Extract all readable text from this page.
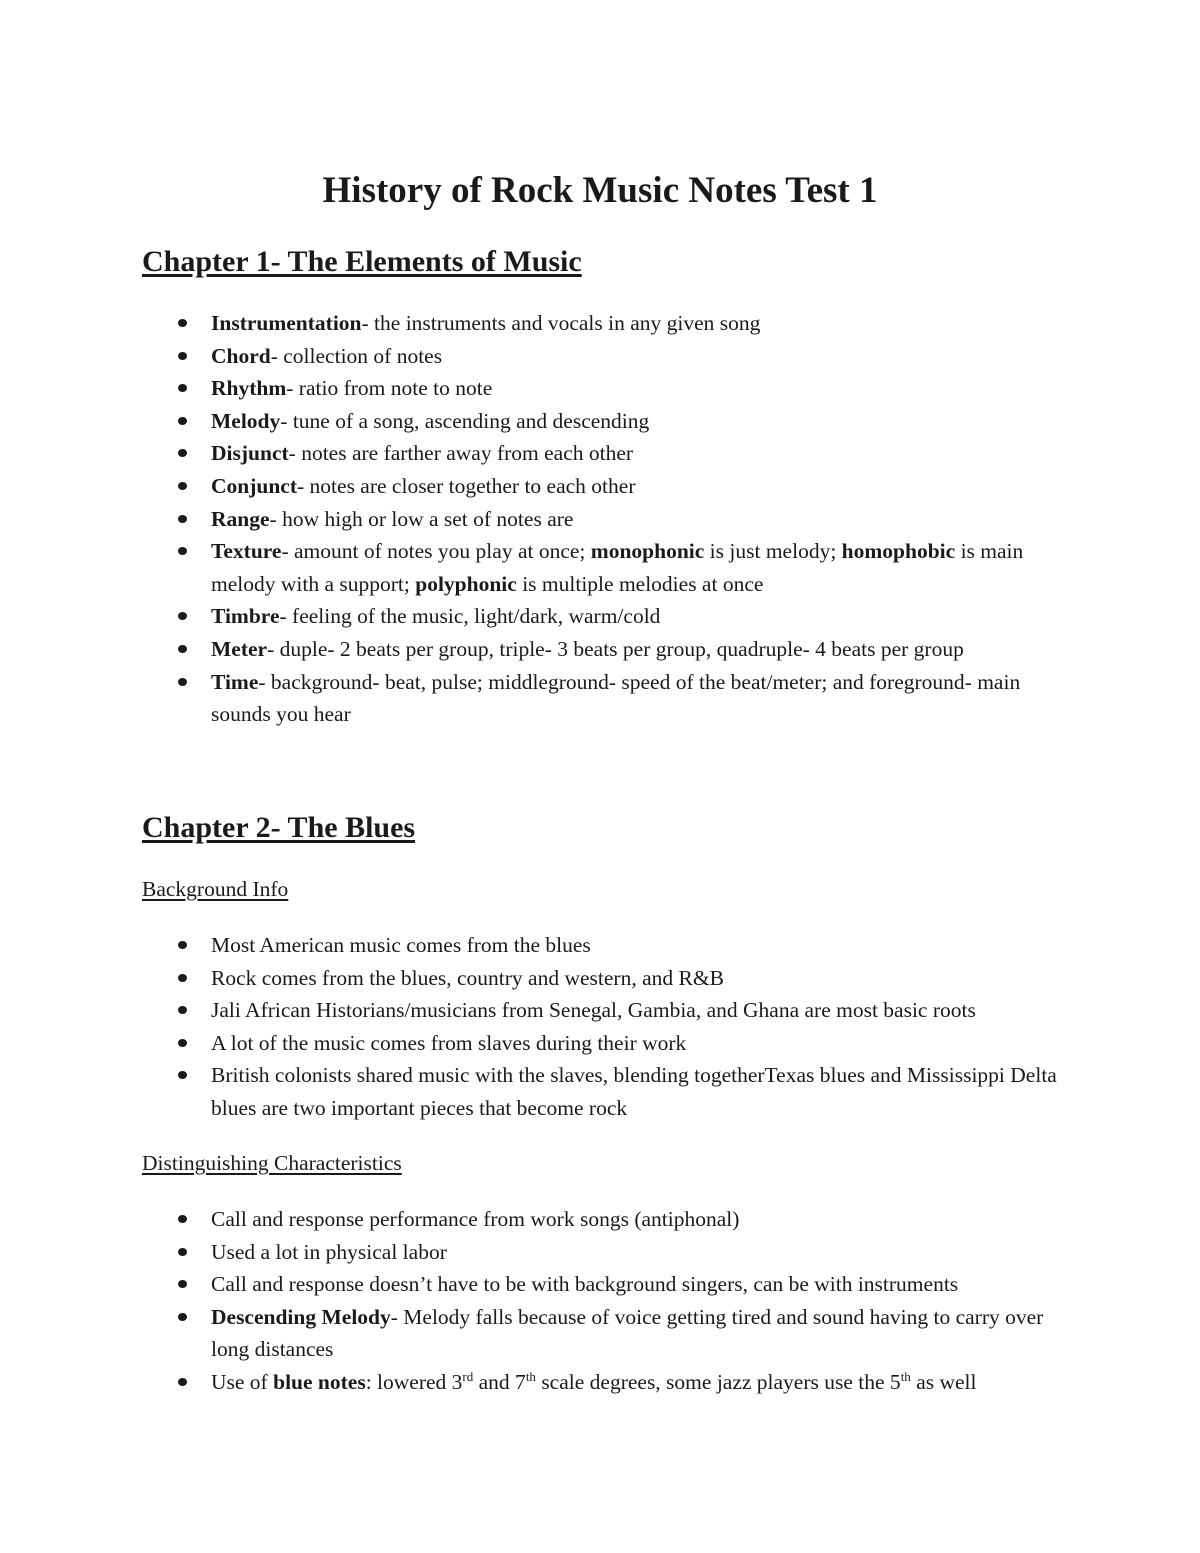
History of Rock Music Notes Test 1
Chapter 1- The Elements of Music
Instrumentation- the instruments and vocals in any given song
Chord- collection of notes
Rhythm- ratio from note to note
Melody- tune of a song, ascending and descending
Disjunct- notes are farther away from each other
Conjunct- notes are closer together to each other
Range- how high or low a set of notes are
Texture- amount of notes you play at once; monophonic is just melody; homophobic is main melody with a support; polyphonic is multiple melodies at once
Timbre- feeling of the music, light/dark, warm/cold
Meter- duple- 2 beats per group, triple- 3 beats per group, quadruple- 4 beats per group
Time- background- beat, pulse; middleground- speed of the beat/meter; and foreground- main sounds you hear
Chapter 2- The Blues
Background Info
Most American music comes from the blues
Rock comes from the blues, country and western, and R&B
Jali African Historians/musicians from Senegal, Gambia, and Ghana are most basic roots
A lot of the music comes from slaves during their work
British colonists shared music with the slaves, blending togetherTexas blues and Mississippi Delta blues are two important pieces that become rock
Distinguishing Characteristics
Call and response performance from work songs (antiphonal)
Used a lot in physical labor
Call and response doesn’t have to be with background singers, can be with instruments
Descending Melody- Melody falls because of voice getting tired and sound having to carry over long distances
Use of blue notes: lowered 3rd and 7th scale degrees, some jazz players use the 5th as well
